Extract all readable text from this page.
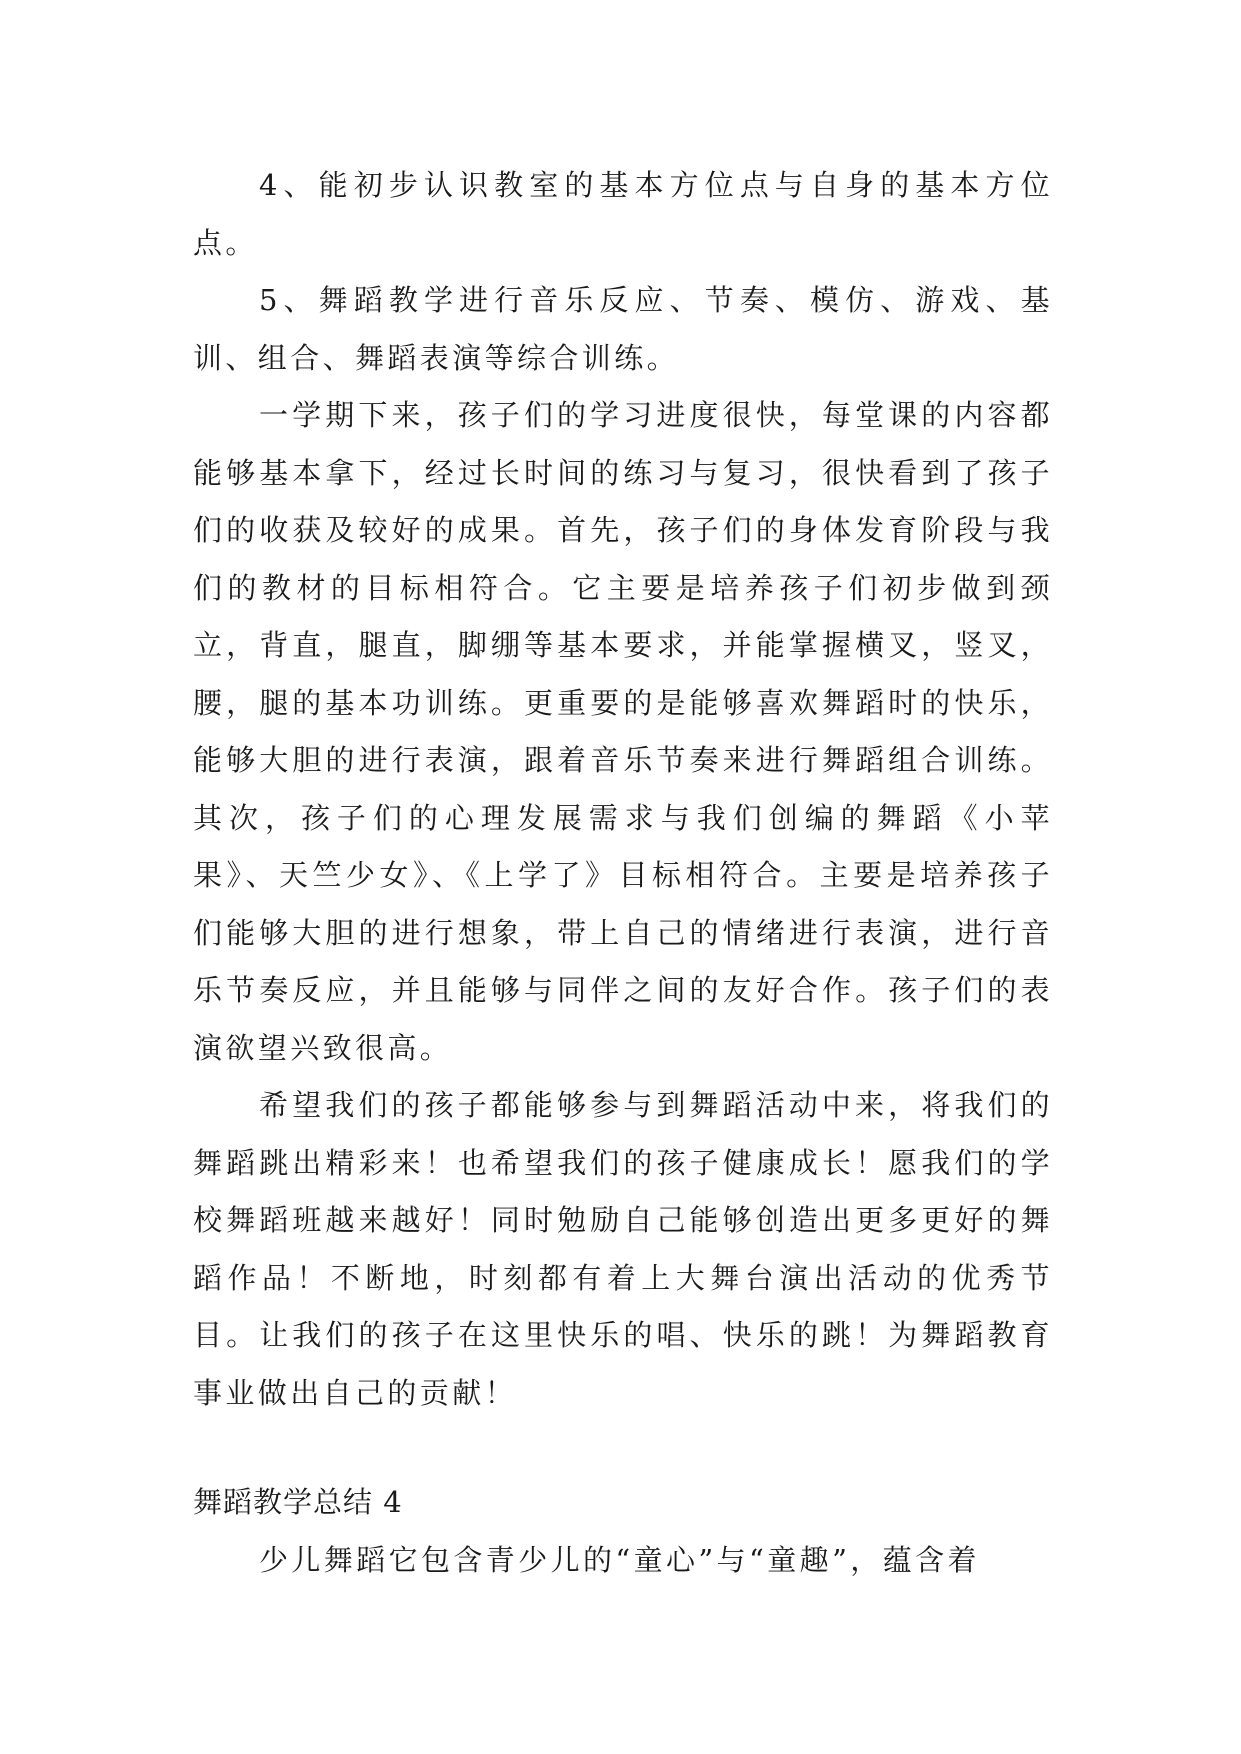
4、能初步认识教室的基本方位点与自身的基本方位点。

5、舞蹈教学进行音乐反应、节奏、模仿、游戏、基训、组合、舞蹈表演等综合训练。

一学期下来，孩子们的学习进度很快，每堂课的内容都能够基本拿下，经过长时间的练习与复习，很快看到了孩子们的收获及较好的成果。首先，孩子们的身体发育阶段与我们的教材的目标相符合。它主要是培养孩子们初步做到颈立，背直，腿直，脚绷等基本要求，并能掌握横叉，竖叉，腰，腿的基本功训练。更重要的是能够喜欢舞蹈时的快乐，能够大胆的进行表演，跟着音乐节奏来进行舞蹈组合训练。其次，孩子们的心理发展需求与我们创编的舞蹈《小苹果》、天竺少女》、《上学了》目标相符合。主要是培养孩子们能够大胆的进行想象，带上自己的情绪进行表演，进行音乐节奏反应，并且能够与同伴之间的友好合作。孩子们的表演欲望兴致很高。

希望我们的孩子都能够参与到舞蹈活动中来，将我们的舞蹈跳出精彩来！也希望我们的孩子健康成长！愿我们的学校舞蹈班越来越好！同时勉励自己能够创造出更多更好的舞蹈作品！不断地，时刻都有着上大舞台演出活动的优秀节目。让我们的孩子在这里快乐的唱、快乐的跳！为舞蹈教育事业做出自己的贡献！

舞蹈教学总结 4

少儿舞蹈它包含青少儿的“童心”与“童趣”，蕴含着
